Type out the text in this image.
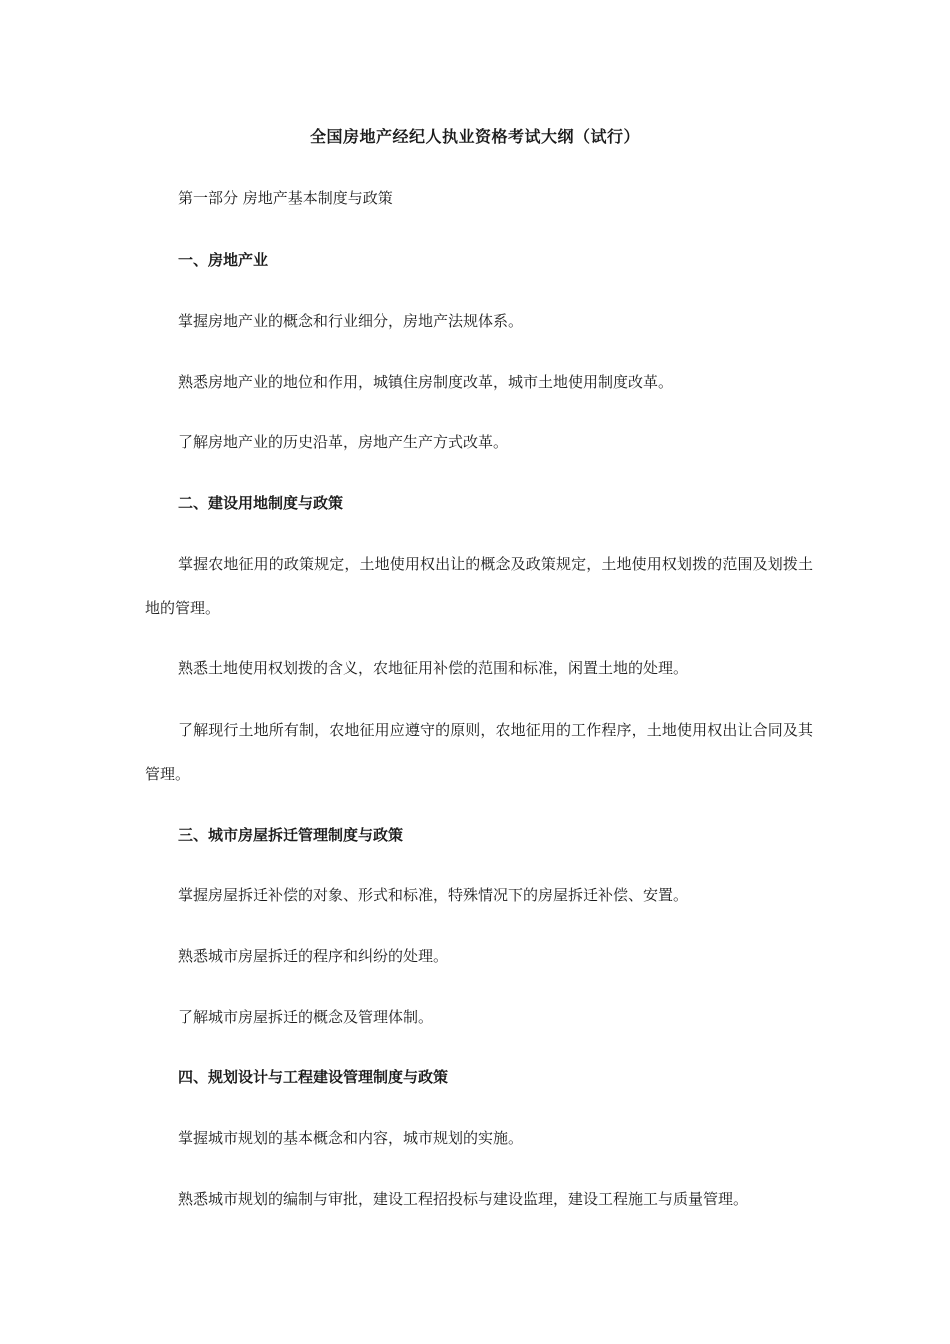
全国房地产经纪人执业资格考试大纲（试行）
第一部分 房地产基本制度与政策
一、房地产业
掌握房地产业的概念和行业细分，房地产法规体系。
熟悉房地产业的地位和作用，城镇住房制度改革，城市土地使用制度改革。
了解房地产业的历史沿革，房地产生产方式改革。
二、建设用地制度与政策
掌握农地征用的政策规定，土地使用权出让的概念及政策规定，土地使用权划拨的范围及划拨土地的管理。
熟悉土地使用权划拨的含义，农地征用补偿的范围和标准，闲置土地的处理。
了解现行土地所有制，农地征用应遵守的原则，农地征用的工作程序，土地使用权出让合同及其管理。
三、城市房屋拆迁管理制度与政策
掌握房屋拆迁补偿的对象、形式和标准，特殊情况下的房屋拆迁补偿、安置。
熟悉城市房屋拆迁的程序和纠纷的处理。
了解城市房屋拆迁的概念及管理体制。
四、规划设计与工程建设管理制度与政策
掌握城市规划的基本概念和内容，城市规划的实施。
熟悉城市规划的编制与审批，建设工程招投标与建设监理，建设工程施工与质量管理。
